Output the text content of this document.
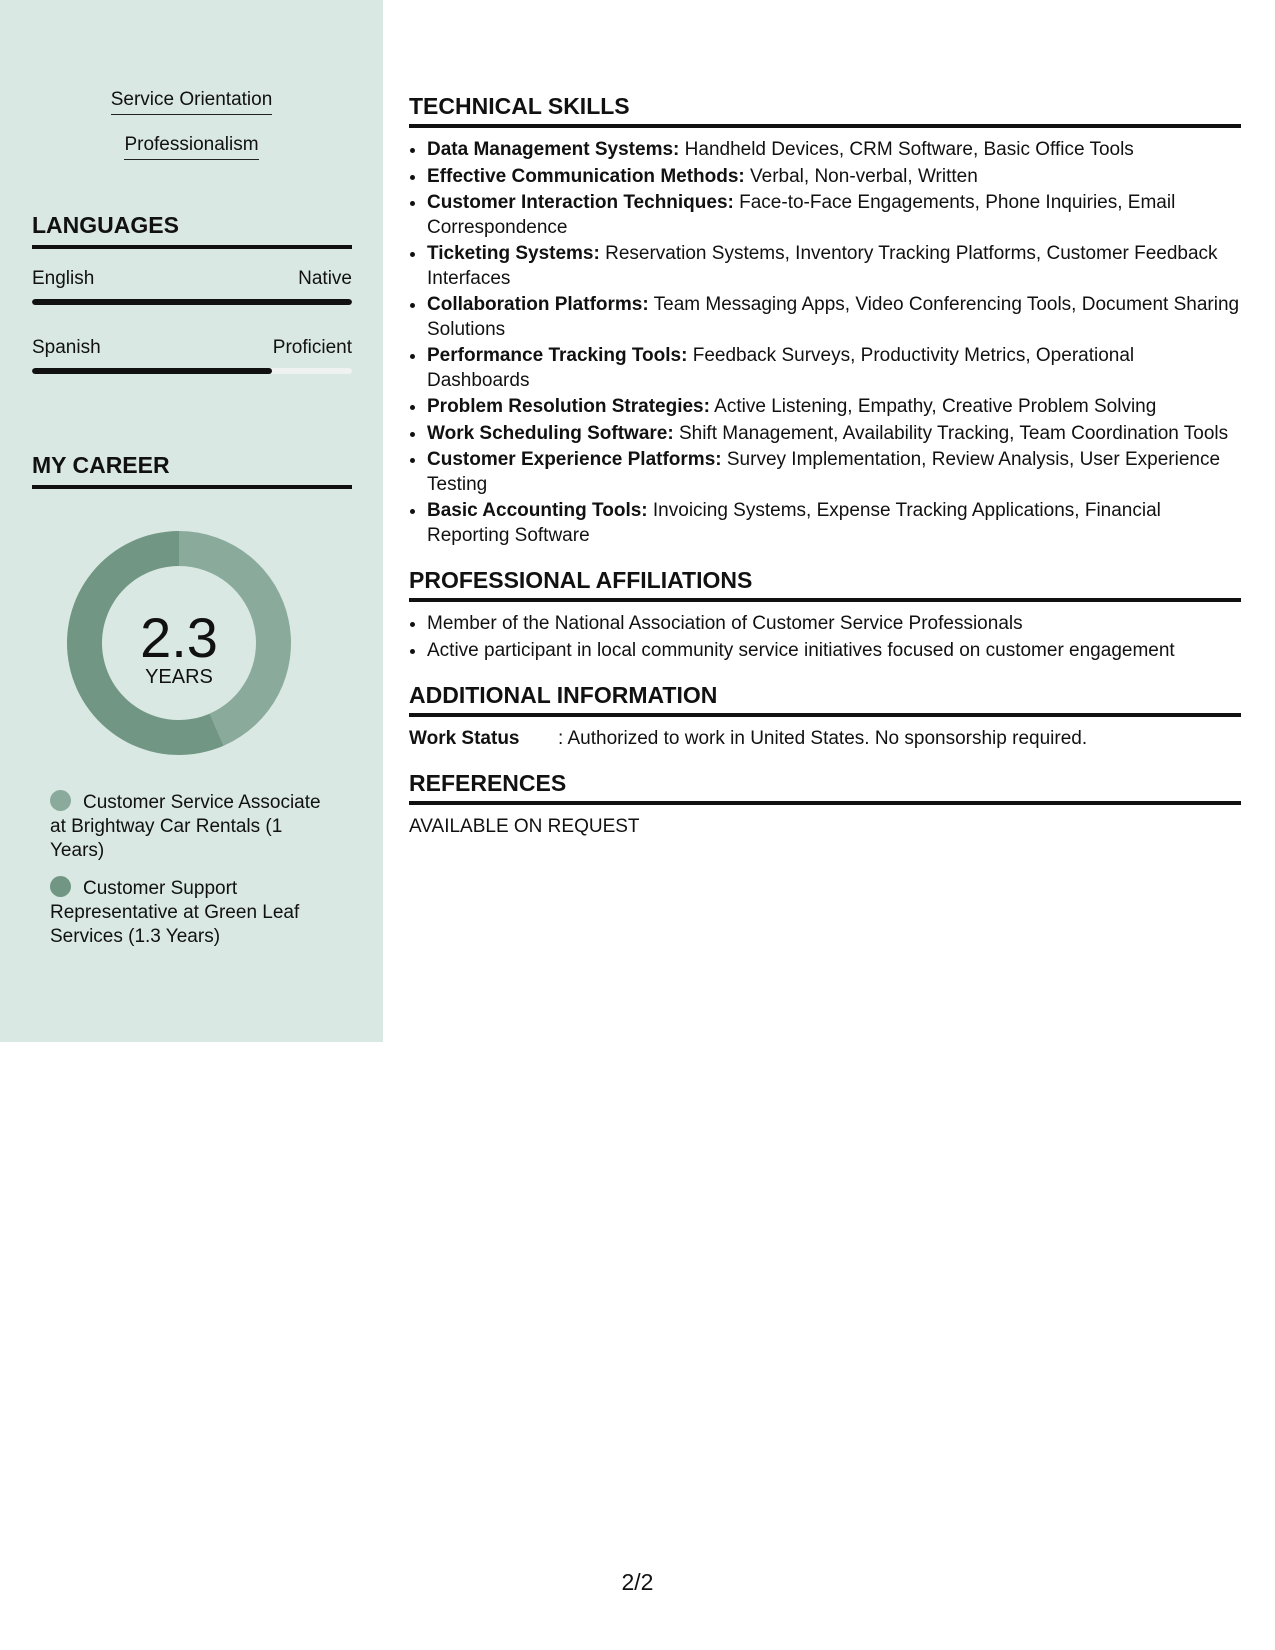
Service Orientation
Professionalism
LANGUAGES
English	Native
Spanish	Proficient
MY CAREER
2.3
YEARS
Customer Service Associate at Brightway Car Rentals (1 Years)
Customer Support Representative at Green Leaf Services (1.3 Years)
TECHNICAL SKILLS
• Data Management Systems: Handheld Devices, CRM Software, Basic Office Tools
• Effective Communication Methods: Verbal, Non-verbal, Written
• Customer Interaction Techniques: Face-to-Face Engagements, Phone Inquiries, Email Correspondence
• Ticketing Systems: Reservation Systems, Inventory Tracking Platforms, Customer Feedback Interfaces
• Collaboration Platforms: Team Messaging Apps, Video Conferencing Tools, Document Sharing Solutions
• Performance Tracking Tools: Feedback Surveys, Productivity Metrics, Operational Dashboards
• Problem Resolution Strategies: Active Listening, Empathy, Creative Problem Solving
• Work Scheduling Software: Shift Management, Availability Tracking, Team Coordination Tools
• Customer Experience Platforms: Survey Implementation, Review Analysis, User Experience Testing
• Basic Accounting Tools: Invoicing Systems, Expense Tracking Applications, Financial Reporting Software
PROFESSIONAL AFFILIATIONS
• Member of the National Association of Customer Service Professionals
• Active participant in local community service initiatives focused on customer engagement
ADDITIONAL INFORMATION
Work Status	: Authorized to work in United States. No sponsorship required.
REFERENCES
AVAILABLE ON REQUEST
2/2
